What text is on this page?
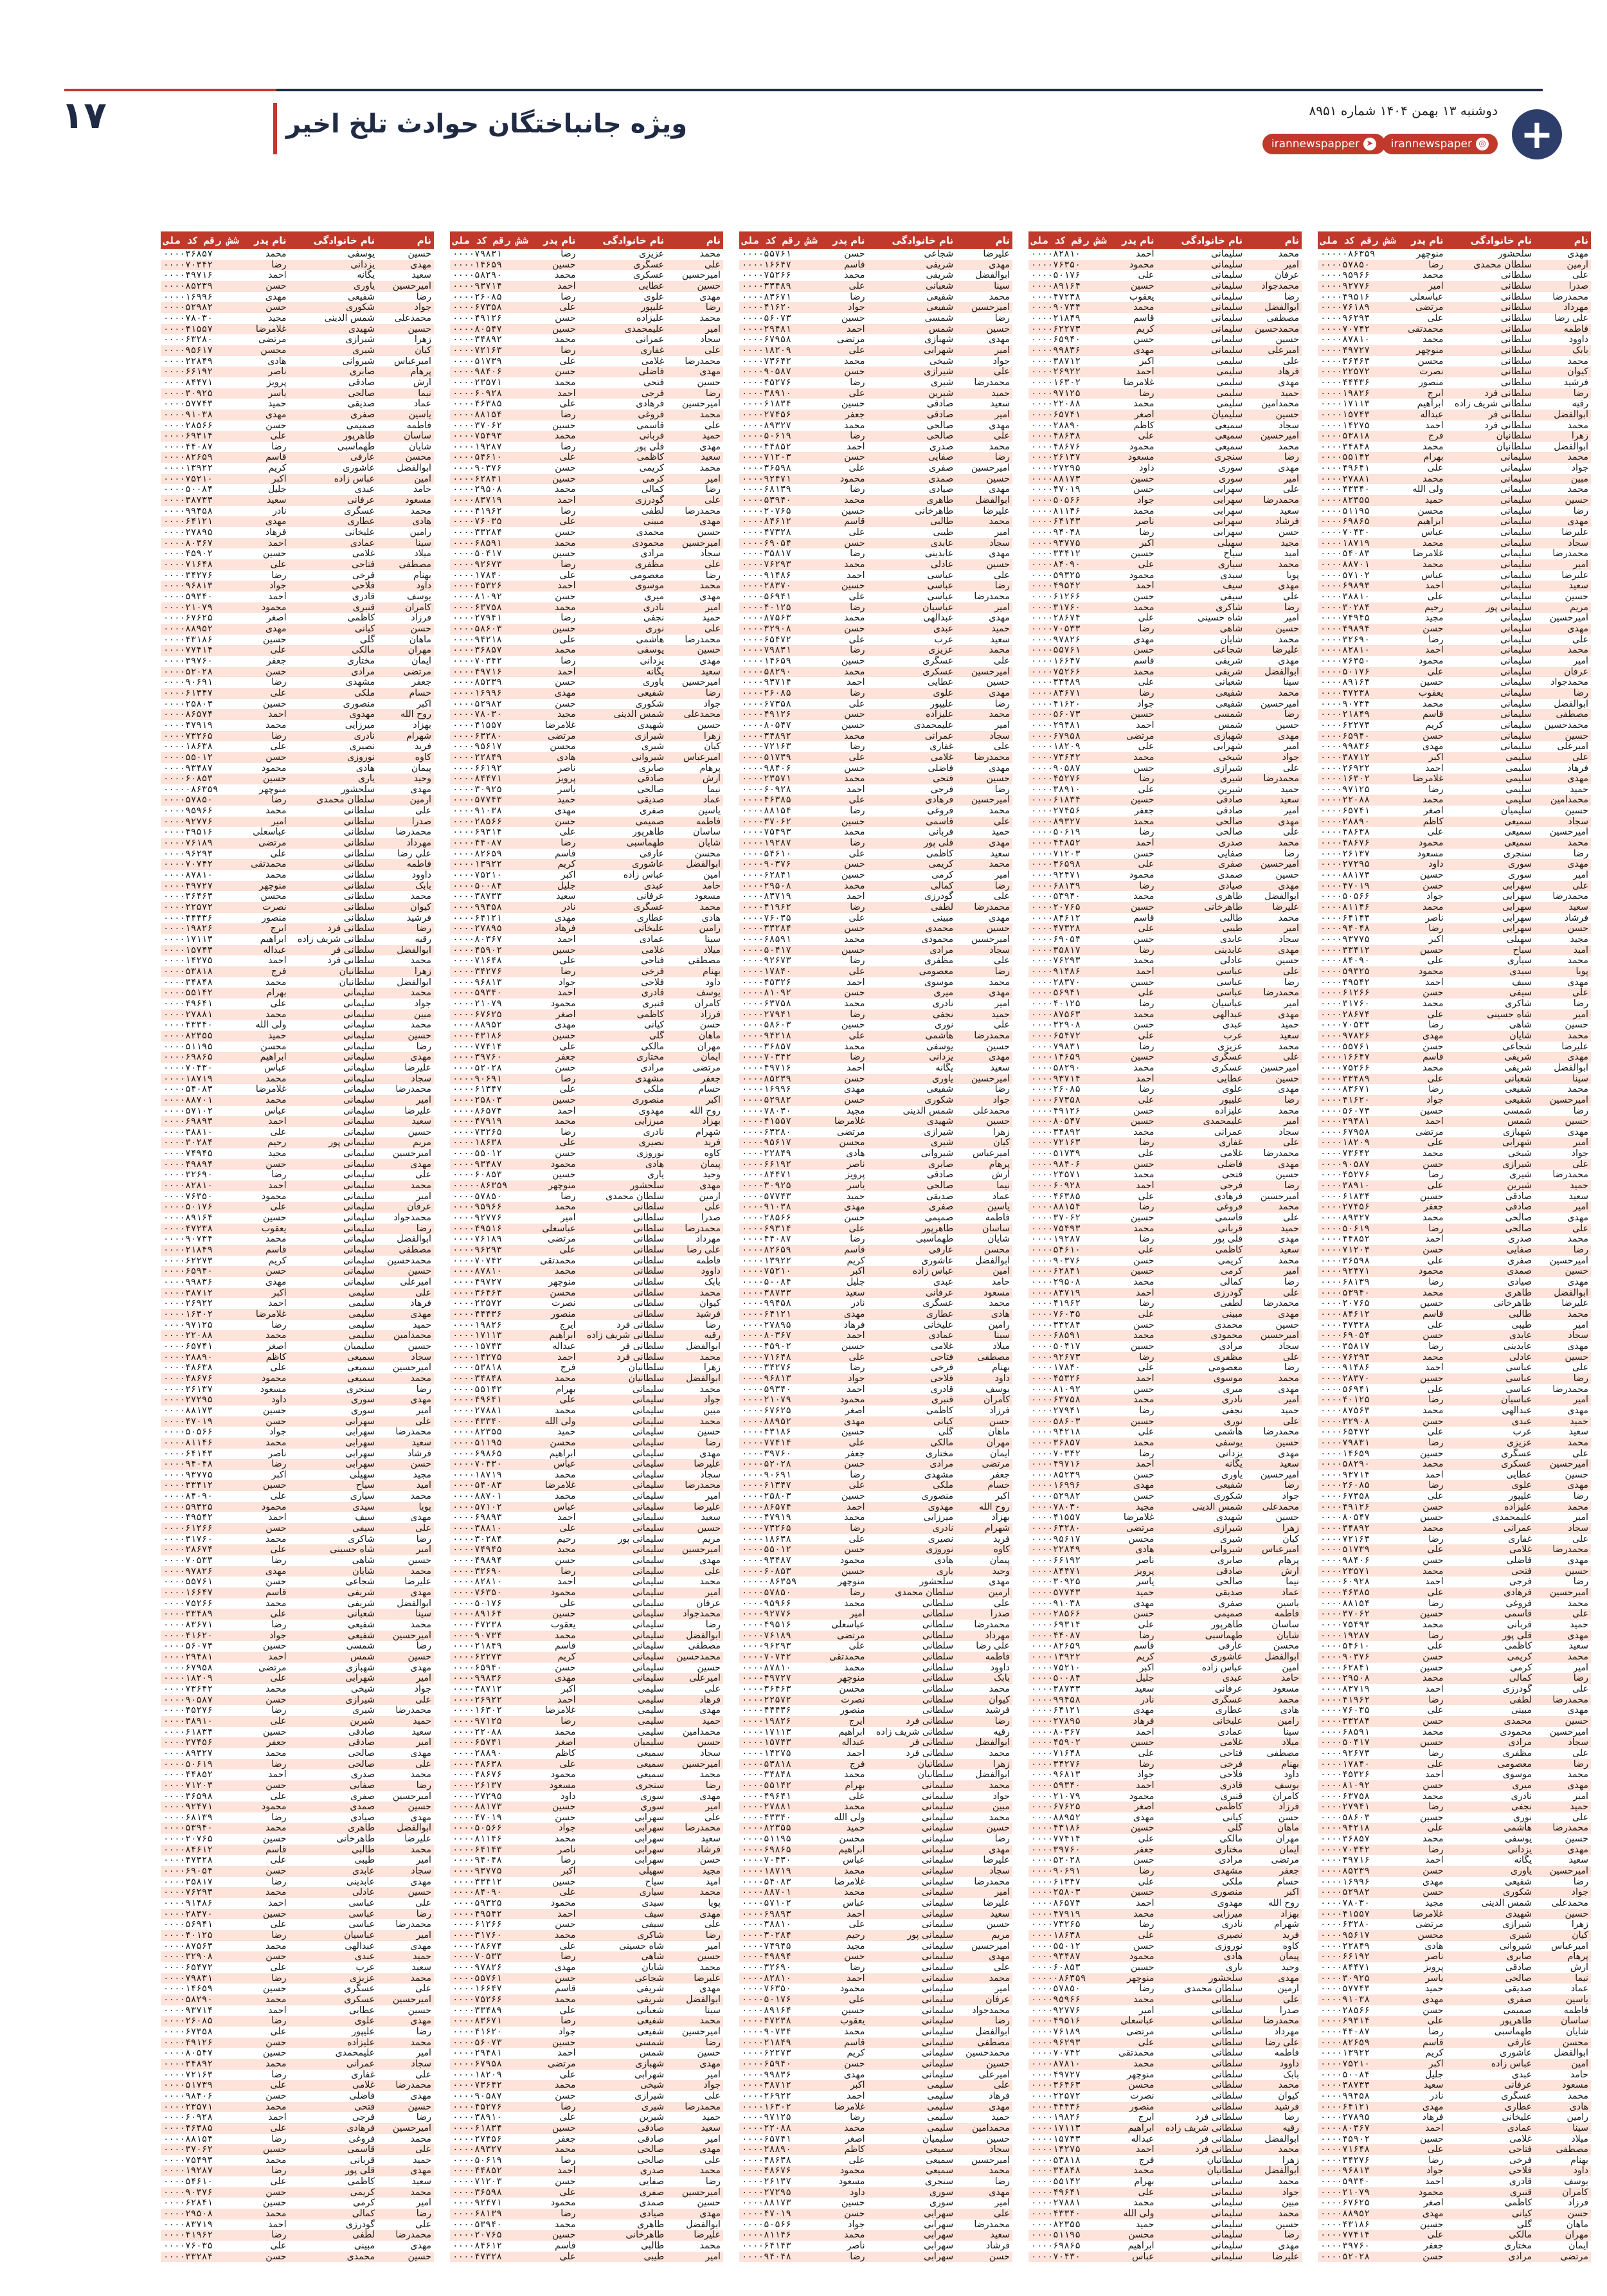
+
دوشنبه ۱۳ بهمن ۱۴۰۴ شماره ۸۹۵۱
◎
irannewspaper
➤
irannewspapper
ویژه جانباختگان حوادث تلخ اخیر
۱۷
نام	نام خانوادگی	نام پدر	شش رقم کد ملی
مهدی	سلحشور	منوچهر	۰۰۰۰۰۸۶۳۵۹
آرمین	سلطان محمدی	رضا	۰۰۰۰۵۷۸۵۰
علی	سلطانی	محمد	۰۰۰۰۹۵۹۶۶
صدرا	سلطانی	امیر	۰۰۰۰۹۲۷۷۶
محمدرضا	سلطانی	عباسعلی	۰۰۰۰۴۹۵۱۶
مهرداد	سلطانی	مرتضی	۰۰۰۰۷۶۱۸۹
علی رضا	سلطانی	علی	۰۰۰۰۹۶۲۹۳
فاطمه	سلطانی	محمدتقی	۰۰۰۰۷۰۷۴۲
داوود	سلطانی	محمد	۰۰۰۰۸۷۸۱۰
بابک	سلطانی	منوچهر	۰۰۰۰۴۹۷۲۷
محمد	سلطانی	محسن	۰۰۰۰۳۶۴۶۳
کیوان	سلطانی	نصرت	۰۰۰۰۲۲۵۷۲
فرشید	سلطانی	منصور	۰۰۰۰۴۴۴۳۶
رضا	سلطانی فرد	ایرج	۰۰۰۰۱۹۸۲۶
رقیه	سلطانی شریف زاده	ابراهیم	۰۰۰۰۱۷۱۱۳
ابوالفضل	سلطانی فر	عبداله	۰۰۰۰۱۵۷۴۳
محمد	سلطانی فرد	احمد	۰۰۰۰۱۴۲۷۵
زهرا	سلطانیان	فرج	۰۰۰۰۵۳۸۱۸
ابوالفضل	سلطانیان	محمد	۰۰۰۰۳۴۸۴۸
محمد	سلیمانی	بهرام	۰۰۰۰۵۵۱۴۲
جواد	سلیمانی	علی	۰۰۰۰۴۹۶۴۱
مبین	سلیمانی	محمد	۰۰۰۰۲۷۸۸۱
محمد	سلیمانی	ولی الله	۰۰۰۰۴۳۳۴۰
حسین	سلیمانی	حمید	۰۰۰۰۸۲۳۵۵
رضا	سلیمانی	محسن	۰۰۰۰۵۱۱۹۵
مهدی	سلیمانی	ابراهیم	۰۰۰۰۶۹۸۶۵
علیرضا	سلیمانی	عباس	۰۰۰۰۷۰۴۳۰
سجاد	سلیمانی	محمد	۰۰۰۰۱۸۷۱۹
محمدرضا	سلیمانی	غلامرضا	۰۰۰۰۵۴۰۸۳
امیر	سلیمانی	محمد	۰۰۰۰۸۸۷۰۱
علیرضا	سلیمانی	عباس	۰۰۰۰۵۷۱۰۲
سعید	سلیمانی	احمد	۰۰۰۰۶۹۸۹۳
حسین	سلیمانی	علی	۰۰۰۰۳۸۸۱۰
مریم	سلیمانی پور	رحیم	۰۰۰۰۳۰۲۸۴
امیرحسین	سلیمانی	مجید	۰۰۰۰۷۴۹۴۵
مهدی	سلیمانی	حسن	۰۰۰۰۴۹۸۹۴
علی	سلیمانی	رضا	۰۰۰۰۳۲۶۹۰
محمد	سلیمانی	احمد	۰۰۰۰۸۲۸۱۰
امیر	سلیمانی	محمود	۰۰۰۰۷۶۳۵۰
عرفان	سلیمانی	علی	۰۰۰۰۵۰۱۷۶
محمدجواد	سلیمانی	حسین	۰۰۰۰۸۹۱۶۴
رضا	سلیمانی	یعقوب	۰۰۰۰۴۷۲۳۸
ابوالفضل	سلیمانی	محمد	۰۰۰۰۹۰۷۳۴
مصطفی	سلیمانی	قاسم	۰۰۰۰۲۱۸۴۹
محمدحسین	سلیمانی	کریم	۰۰۰۰۶۲۲۷۳
حسین	سلیمانی	حسن	۰۰۰۰۶۵۹۴۰
امیرعلی	سلیمانی	مهدی	۰۰۰۰۹۹۸۳۶
علی	سلیمی	اکبر	۰۰۰۰۳۸۷۱۲
فرهاد	سلیمی	احمد	۰۰۰۰۲۶۹۲۲
مهدی	سلیمی	غلامرضا	۰۰۰۰۱۶۳۰۲
حمید	سلیمی	رضا	۰۰۰۰۹۷۱۲۵
محمدامین	سلیمی	محمد	۰۰۰۰۲۲۰۸۸
حسین	سلیمیان	اصغر	۰۰۰۰۶۵۷۴۱
سجاد	سمیعی	کاظم	۰۰۰۰۲۸۸۹۰
امیرحسین	سمیعی	علی	۰۰۰۰۴۸۶۳۸
محمد	سمیعی	محمود	۰۰۰۰۴۸۶۷۶
رضا	سنجری	مسعود	۰۰۰۰۲۶۱۳۷
مهدی	سوری	داود	۰۰۰۰۲۷۲۹۵
امیر	سوری	حسین	۰۰۰۰۸۸۱۷۳
علی	سهرابی	حسن	۰۰۰۰۴۷۰۱۹
محمدرضا	سهرابی	جواد	۰۰۰۰۵۰۵۶۶
سعید	سهرابی	محمد	۰۰۰۰۸۱۱۴۶
فرشاد	سهرابی	ناصر	۰۰۰۰۶۴۱۴۳
حسن	سهرابی	رضا	۰۰۰۰۹۴۰۴۸
مجید	سهیلی	اکبر	۰۰۰۰۹۳۷۷۵
امید	سیاح	حسین	۰۰۰۰۳۳۴۱۲
محمد	سیاری	علی	۰۰۰۰۸۴۰۹۰
پویا	سیدی	محمود	۰۰۰۰۵۹۳۲۵
مهدی	سیف	احمد	۰۰۰۰۴۹۵۴۲
علی	سیفی	حسن	۰۰۰۰۶۱۲۶۶
رضا	شاکری	محمد	۰۰۰۰۳۱۷۶۰
امیر	شاه حسینی	علی	۰۰۰۰۲۸۶۷۴
حسین	شاهی	رضا	۰۰۰۰۷۰۵۳۳
محمد	شایان	مهدی	۰۰۰۰۹۷۸۲۶
علیرضا	شجاعی	حسن	۰۰۰۰۵۵۷۶۱
مهدی	شریفی	قاسم	۰۰۰۰۱۶۶۴۷
ابوالفضل	شریفی	محمد	۰۰۰۰۷۵۲۶۶
سینا	شعبانی	علی	۰۰۰۰۳۳۴۸۹
محمد	شفیعی	رضا	۰۰۰۰۸۳۶۷۱
امیرحسین	شفیعی	جواد	۰۰۰۰۴۱۶۲۰
رضا	شمسی	حسین	۰۰۰۰۵۶۰۷۳
حسین	شمس	احمد	۰۰۰۰۲۹۴۸۱
مهدی	شهبازی	مرتضی	۰۰۰۰۶۷۹۵۸
امیر	شهرابی	علی	۰۰۰۰۱۸۲۰۹
جواد	شیخی	محمد	۰۰۰۰۷۳۶۴۲
علی	شیرازی	حسن	۰۰۰۰۹۰۵۸۷
محمدرضا	شیری	رضا	۰۰۰۰۴۵۲۷۶
حمید	شیرین	علی	۰۰۰۰۳۸۹۱۰
سعید	صادقی	حسین	۰۰۰۰۶۱۸۳۴
امیر	صادقی	جعفر	۰۰۰۰۲۷۴۵۶
مهدی	صالحی	محمد	۰۰۰۰۸۹۳۲۷
علی	صالحی	رضا	۰۰۰۰۵۰۶۱۹
محمد	صدری	احمد	۰۰۰۰۴۴۸۵۲
رضا	صفایی	حسن	۰۰۰۰۷۱۲۰۳
امیرحسین	صفری	علی	۰۰۰۰۳۶۵۹۸
حسین	صمدی	محمود	۰۰۰۰۹۲۴۷۱
مهدی	صیادی	رضا	۰۰۰۰۶۸۱۳۹
ابوالفضل	طاهری	محمد	۰۰۰۰۵۳۹۴۰
علیرضا	طاهرخانی	حسین	۰۰۰۰۲۰۷۶۵
محمد	طالبی	قاسم	۰۰۰۰۸۴۶۱۲
امیر	طیبی	علی	۰۰۰۰۴۷۳۲۸
سجاد	عابدی	حسن	۰۰۰۰۶۹۰۵۴
مهدی	عابدینی	رضا	۰۰۰۰۳۵۸۱۷
حسین	عادلی	محمد	۰۰۰۰۷۶۲۹۳
علی	عباسی	احمد	۰۰۰۰۹۱۴۸۶
رضا	عباسی	حسین	۰۰۰۰۲۸۳۷۰
محمدرضا	عباسی	علی	۰۰۰۰۵۶۹۴۱
امیر	عباسیان	رضا	۰۰۰۰۴۰۱۲۵
مهدی	عبدالهی	محمد	۰۰۰۰۸۷۵۶۳
حمید	عبدی	حسن	۰۰۰۰۳۲۹۰۸
سعید	عرب	علی	۰۰۰۰۶۵۴۷۲
محمد	عزیزی	رضا	۰۰۰۰۷۹۸۳۱
علی	عسگری	حسین	۰۰۰۰۱۴۶۵۹
امیرحسین	عسکری	محمد	۰۰۰۰۵۸۲۹۰
حسین	عطایی	احمد	۰۰۰۰۹۳۷۱۴
مهدی	علوی	رضا	۰۰۰۰۲۶۰۸۵
رضا	علیپور	علی	۰۰۰۰۶۷۳۵۸
محمد	علیزاده	حسن	۰۰۰۰۴۹۱۲۶
امیر	علیمحمدی	حسین	۰۰۰۰۸۰۵۴۷
سجاد	عمرانی	محمد	۰۰۰۰۳۴۸۹۲
علی	غفاری	رضا	۰۰۰۰۷۲۱۶۳
محمدرضا	غلامی	علی	۰۰۰۰۵۱۷۳۹
مهدی	فاضلی	حسن	۰۰۰۰۹۸۴۰۶
حسین	فتحی	محمد	۰۰۰۰۲۳۵۷۱
رضا	فرجی	احمد	۰۰۰۰۶۰۹۲۸
امیرحسین	فرهادی	علی	۰۰۰۰۴۶۳۸۵
محمد	فروغی	رضا	۰۰۰۰۸۸۱۵۴
علی	قاسمی	حسین	۰۰۰۰۳۷۰۶۲
حمید	قربانی	محمد	۰۰۰۰۷۵۴۹۳
مهدی	قلی پور	رضا	۰۰۰۰۱۹۲۸۷
سعید	کاظمی	علی	۰۰۰۰۵۴۶۱۰
محمد	کریمی	حسن	۰۰۰۰۹۰۳۷۶
امیر	کرمی	حسین	۰۰۰۰۶۲۸۴۱
رضا	کمالی	محمد	۰۰۰۰۲۹۵۰۸
علی	گودرزی	احمد	۰۰۰۰۸۳۷۱۹
محمدرضا	لطفی	رضا	۰۰۰۰۴۱۹۶۲
مهدی	مبینی	علی	۰۰۰۰۷۶۰۳۵
حسین	محمدی	حسن	۰۰۰۰۳۳۲۸۴
امیرحسین	محمودی	محمد	۰۰۰۰۶۸۵۹۱
سجاد	مرادی	حسین	۰۰۰۰۵۰۴۱۷
علی	مظفری	رضا	۰۰۰۰۹۲۶۷۳
رضا	معصومی	علی	۰۰۰۰۱۷۸۴۰
محمد	موسوی	احمد	۰۰۰۰۴۵۳۲۶
مهدی	میری	حسن	۰۰۰۰۸۱۰۹۲
امیر	نادری	محمد	۰۰۰۰۶۳۷۵۸
حمید	نجفی	رضا	۰۰۰۰۲۷۹۴۱
علی	نوری	حسین	۰۰۰۰۵۸۶۰۳
محمدرضا	هاشمی	علی	۰۰۰۰۹۴۲۱۸
حسین	یوسفی	محمد	۰۰۰۰۳۶۸۵۷
مهدی	یزدانی	رضا	۰۰۰۰۷۰۳۴۲
سعید	یگانه	احمد	۰۰۰۰۴۹۷۱۶
امیرحسین	یاوری	حسن	۰۰۰۰۸۵۲۳۹
رضا	شفیعی	مهدی	۰۰۰۰۱۶۹۹۶
جواد	شکوری	حسن	۰۰۰۰۵۲۹۸۲
محمدعلی	شمس الدینی	مجید	۰۰۰۰۷۸۰۳۰
حسین	شهیدی	غلامرضا	۰۰۰۰۴۱۵۵۷
زهرا	شیرازی	مرتضی	۰۰۰۰۶۳۲۸۰
کیان	شیری	محسن	۰۰۰۰۹۵۶۱۷
امیرعباس	شیروانی	هادی	۰۰۰۰۲۲۸۴۹
پرهام	صابری	ناصر	۰۰۰۰۶۶۱۹۲
آرش	صادقی	پرویز	۰۰۰۰۸۴۴۷۱
نیما	صالحی	یاسر	۰۰۰۰۳۰۹۲۵
عماد	صدیقی	حمید	۰۰۰۰۵۷۷۴۳
یاسین	صفری	مهدی	۰۰۰۰۹۱۰۳۸
فاطمه	صمیمی	حسن	۰۰۰۰۲۸۵۶۶
ساسان	طاهرپور	علی	۰۰۰۰۶۹۳۱۴
شایان	طهماسبی	رضا	۰۰۰۰۴۴۰۸۷
محسن	عارفی	قاسم	۰۰۰۰۸۲۶۵۹
ابوالفضل	عاشوری	کریم	۰۰۰۰۱۳۹۲۲
امین	عباس زاده	اکبر	۰۰۰۰۷۵۲۱۰
حامد	عبدی	جلیل	۰۰۰۰۵۰۰۸۴
مسعود	عرفانی	سعید	۰۰۰۰۳۸۷۳۳
محمد	عسگری	نادر	۰۰۰۰۹۹۴۵۸
هادی	عطاری	مهدی	۰۰۰۰۶۴۱۲۱
رامین	علیخانی	فرهاد	۰۰۰۰۲۷۸۹۵
سینا	عمادی	احمد	۰۰۰۰۸۰۳۶۷
میلاد	غلامی	حسین	۰۰۰۰۴۵۹۰۲
مصطفی	فتاحی	علی	۰۰۰۰۷۱۶۴۸
بهنام	فرخی	رضا	۰۰۰۰۳۴۲۷۶
داود	فلاحی	جواد	۰۰۰۰۹۶۸۱۳
یوسف	قادری	احمد	۰۰۰۰۵۹۳۴۰
کامران	قنبری	محمود	۰۰۰۰۲۱۰۷۹
فرزاد	کاظمی	اصغر	۰۰۰۰۶۷۶۲۵
حسن	کیانی	مهدی	۰۰۰۰۸۸۹۵۲
ماهان	گلی	حسین	۰۰۰۰۴۳۱۸۶
مهران	مالکی	علی	۰۰۰۰۷۷۴۱۴
ایمان	مختاری	جعفر	۰۰۰۰۳۹۷۶۰
مرتضی	مرادی	حسن	۰۰۰۰۵۲۰۲۸
نام	نام خانوادگی	نام پدر	شش رقم کد ملی
محمد	سلیمانی	احمد	۰۰۰۰۸۲۸۱۰
امیر	سلیمانی	محمود	۰۰۰۰۷۶۳۵۰
عرفان	سلیمانی	علی	۰۰۰۰۵۰۱۷۶
محمدجواد	سلیمانی	حسین	۰۰۰۰۸۹۱۶۴
رضا	سلیمانی	یعقوب	۰۰۰۰۴۷۲۳۸
ابوالفضل	سلیمانی	محمد	۰۰۰۰۹۰۷۳۴
مصطفی	سلیمانی	قاسم	۰۰۰۰۲۱۸۴۹
محمدحسین	سلیمانی	کریم	۰۰۰۰۶۲۲۷۳
حسین	سلیمانی	حسن	۰۰۰۰۶۵۹۴۰
امیرعلی	سلیمانی	مهدی	۰۰۰۰۹۹۸۳۶
علی	سلیمی	اکبر	۰۰۰۰۳۸۷۱۲
فرهاد	سلیمی	احمد	۰۰۰۰۲۶۹۲۲
مهدی	سلیمی	غلامرضا	۰۰۰۰۱۶۳۰۲
حمید	سلیمی	رضا	۰۰۰۰۹۷۱۲۵
محمدامین	سلیمی	محمد	۰۰۰۰۲۲۰۸۸
حسین	سلیمیان	اصغر	۰۰۰۰۶۵۷۴۱
سجاد	سمیعی	کاظم	۰۰۰۰۲۸۸۹۰
امیرحسین	سمیعی	علی	۰۰۰۰۴۸۶۳۸
محمد	سمیعی	محمود	۰۰۰۰۴۸۶۷۶
رضا	سنجری	مسعود	۰۰۰۰۲۶۱۳۷
مهدی	سوری	داود	۰۰۰۰۲۷۲۹۵
امیر	سوری	حسین	۰۰۰۰۸۸۱۷۳
علی	سهرابی	حسن	۰۰۰۰۴۷۰۱۹
محمدرضا	سهرابی	جواد	۰۰۰۰۵۰۵۶۶
سعید	سهرابی	محمد	۰۰۰۰۸۱۱۴۶
فرشاد	سهرابی	ناصر	۰۰۰۰۶۴۱۴۳
حسن	سهرابی	رضا	۰۰۰۰۹۴۰۴۸
مجید	سهیلی	اکبر	۰۰۰۰۹۳۷۷۵
امید	سیاح	حسین	۰۰۰۰۳۳۴۱۲
محمد	سیاری	علی	۰۰۰۰۸۴۰۹۰
پویا	سیدی	محمود	۰۰۰۰۵۹۳۲۵
مهدی	سیف	احمد	۰۰۰۰۴۹۵۴۲
علی	سیفی	حسن	۰۰۰۰۶۱۲۶۶
رضا	شاکری	محمد	۰۰۰۰۳۱۷۶۰
امیر	شاه حسینی	علی	۰۰۰۰۲۸۶۷۴
حسین	شاهی	رضا	۰۰۰۰۷۰۵۳۳
محمد	شایان	مهدی	۰۰۰۰۹۷۸۲۶
علیرضا	شجاعی	حسن	۰۰۰۰۵۵۷۶۱
مهدی	شریفی	قاسم	۰۰۰۰۱۶۶۴۷
ابوالفضل	شریفی	محمد	۰۰۰۰۷۵۲۶۶
سینا	شعبانی	علی	۰۰۰۰۳۳۴۸۹
محمد	شفیعی	رضا	۰۰۰۰۸۳۶۷۱
امیرحسین	شفیعی	جواد	۰۰۰۰۴۱۶۲۰
رضا	شمسی	حسین	۰۰۰۰۵۶۰۷۳
حسین	شمس	احمد	۰۰۰۰۲۹۴۸۱
مهدی	شهبازی	مرتضی	۰۰۰۰۶۷۹۵۸
امیر	شهرابی	علی	۰۰۰۰۱۸۲۰۹
جواد	شیخی	محمد	۰۰۰۰۷۳۶۴۲
علی	شیرازی	حسن	۰۰۰۰۹۰۵۸۷
محمدرضا	شیری	رضا	۰۰۰۰۴۵۲۷۶
حمید	شیرین	علی	۰۰۰۰۳۸۹۱۰
سعید	صادقی	حسین	۰۰۰۰۶۱۸۳۴
امیر	صادقی	جعفر	۰۰۰۰۲۷۴۵۶
مهدی	صالحی	محمد	۰۰۰۰۸۹۳۲۷
علی	صالحی	رضا	۰۰۰۰۵۰۶۱۹
محمد	صدری	احمد	۰۰۰۰۴۴۸۵۲
رضا	صفایی	حسن	۰۰۰۰۷۱۲۰۳
امیرحسین	صفری	علی	۰۰۰۰۳۶۵۹۸
حسین	صمدی	محمود	۰۰۰۰۹۲۴۷۱
مهدی	صیادی	رضا	۰۰۰۰۶۸۱۳۹
ابوالفضل	طاهری	محمد	۰۰۰۰۵۳۹۴۰
علیرضا	طاهرخانی	حسین	۰۰۰۰۲۰۷۶۵
محمد	طالبی	قاسم	۰۰۰۰۸۴۶۱۲
امیر	طیبی	علی	۰۰۰۰۴۷۳۲۸
سجاد	عابدی	حسن	۰۰۰۰۶۹۰۵۴
مهدی	عابدینی	رضا	۰۰۰۰۳۵۸۱۷
حسین	عادلی	محمد	۰۰۰۰۷۶۲۹۳
علی	عباسی	احمد	۰۰۰۰۹۱۴۸۶
رضا	عباسی	حسین	۰۰۰۰۲۸۳۷۰
محمدرضا	عباسی	علی	۰۰۰۰۵۶۹۴۱
امیر	عباسیان	رضا	۰۰۰۰۴۰۱۲۵
مهدی	عبدالهی	محمد	۰۰۰۰۸۷۵۶۳
حمید	عبدی	حسن	۰۰۰۰۳۲۹۰۸
سعید	عرب	علی	۰۰۰۰۶۵۴۷۲
محمد	عزیزی	رضا	۰۰۰۰۷۹۸۳۱
علی	عسگری	حسین	۰۰۰۰۱۴۶۵۹
امیرحسین	عسکری	محمد	۰۰۰۰۵۸۲۹۰
حسین	عطایی	احمد	۰۰۰۰۹۳۷۱۴
مهدی	علوی	رضا	۰۰۰۰۲۶۰۸۵
رضا	علیپور	علی	۰۰۰۰۶۷۳۵۸
محمد	علیزاده	حسن	۰۰۰۰۴۹۱۲۶
امیر	علیمحمدی	حسین	۰۰۰۰۸۰۵۴۷
سجاد	عمرانی	محمد	۰۰۰۰۳۴۸۹۲
علی	غفاری	رضا	۰۰۰۰۷۲۱۶۳
محمدرضا	غلامی	علی	۰۰۰۰۵۱۷۳۹
مهدی	فاضلی	حسن	۰۰۰۰۹۸۴۰۶
حسین	فتحی	محمد	۰۰۰۰۲۳۵۷۱
رضا	فرجی	احمد	۰۰۰۰۶۰۹۲۸
امیرحسین	فرهادی	علی	۰۰۰۰۴۶۳۸۵
محمد	فروغی	رضا	۰۰۰۰۸۸۱۵۴
علی	قاسمی	حسین	۰۰۰۰۳۷۰۶۲
حمید	قربانی	محمد	۰۰۰۰۷۵۴۹۳
مهدی	قلی پور	رضا	۰۰۰۰۱۹۲۸۷
سعید	کاظمی	علی	۰۰۰۰۵۴۶۱۰
محمد	کریمی	حسن	۰۰۰۰۹۰۳۷۶
امیر	کرمی	حسین	۰۰۰۰۶۲۸۴۱
رضا	کمالی	محمد	۰۰۰۰۲۹۵۰۸
علی	گودرزی	احمد	۰۰۰۰۸۳۷۱۹
محمدرضا	لطفی	رضا	۰۰۰۰۴۱۹۶۲
مهدی	مبینی	علی	۰۰۰۰۷۶۰۳۵
حسین	محمدی	حسن	۰۰۰۰۳۳۲۸۴
امیرحسین	محمودی	محمد	۰۰۰۰۶۸۵۹۱
سجاد	مرادی	حسین	۰۰۰۰۵۰۴۱۷
علی	مظفری	رضا	۰۰۰۰۹۲۶۷۳
رضا	معصومی	علی	۰۰۰۰۱۷۸۴۰
محمد	موسوی	احمد	۰۰۰۰۴۵۳۲۶
مهدی	میری	حسن	۰۰۰۰۸۱۰۹۲
امیر	نادری	محمد	۰۰۰۰۶۳۷۵۸
حمید	نجفی	رضا	۰۰۰۰۲۷۹۴۱
علی	نوری	حسین	۰۰۰۰۵۸۶۰۳
محمدرضا	هاشمی	علی	۰۰۰۰۹۴۲۱۸
حسین	یوسفی	محمد	۰۰۰۰۳۶۸۵۷
مهدی	یزدانی	رضا	۰۰۰۰۷۰۳۴۲
سعید	یگانه	احمد	۰۰۰۰۴۹۷۱۶
امیرحسین	یاوری	حسن	۰۰۰۰۸۵۲۳۹
رضا	شفیعی	مهدی	۰۰۰۰۱۶۹۹۶
جواد	شکوری	حسن	۰۰۰۰۵۲۹۸۲
محمدعلی	شمس الدینی	مجید	۰۰۰۰۷۸۰۳۰
حسین	شهیدی	غلامرضا	۰۰۰۰۴۱۵۵۷
زهرا	شیرازی	مرتضی	۰۰۰۰۶۳۲۸۰
کیان	شیری	محسن	۰۰۰۰۹۵۶۱۷
امیرعباس	شیروانی	هادی	۰۰۰۰۲۲۸۴۹
پرهام	صابری	ناصر	۰۰۰۰۶۶۱۹۲
آرش	صادقی	پرویز	۰۰۰۰۸۴۴۷۱
نیما	صالحی	یاسر	۰۰۰۰۳۰۹۲۵
عماد	صدیقی	حمید	۰۰۰۰۵۷۷۴۳
یاسین	صفری	مهدی	۰۰۰۰۹۱۰۳۸
فاطمه	صمیمی	حسن	۰۰۰۰۲۸۵۶۶
ساسان	طاهرپور	علی	۰۰۰۰۶۹۳۱۴
شایان	طهماسبی	رضا	۰۰۰۰۴۴۰۸۷
محسن	عارفی	قاسم	۰۰۰۰۸۲۶۵۹
ابوالفضل	عاشوری	کریم	۰۰۰۰۱۳۹۲۲
امین	عباس زاده	اکبر	۰۰۰۰۷۵۲۱۰
حامد	عبدی	جلیل	۰۰۰۰۵۰۰۸۴
مسعود	عرفانی	سعید	۰۰۰۰۳۸۷۳۳
محمد	عسگری	نادر	۰۰۰۰۹۹۴۵۸
هادی	عطاری	مهدی	۰۰۰۰۶۴۱۲۱
رامین	علیخانی	فرهاد	۰۰۰۰۲۷۸۹۵
سینا	عمادی	احمد	۰۰۰۰۸۰۳۶۷
میلاد	غلامی	حسین	۰۰۰۰۴۵۹۰۲
مصطفی	فتاحی	علی	۰۰۰۰۷۱۶۴۸
بهنام	فرخی	رضا	۰۰۰۰۳۴۲۷۶
داود	فلاحی	جواد	۰۰۰۰۹۶۸۱۳
یوسف	قادری	احمد	۰۰۰۰۵۹۳۴۰
کامران	قنبری	محمود	۰۰۰۰۲۱۰۷۹
فرزاد	کاظمی	اصغر	۰۰۰۰۶۷۶۲۵
حسن	کیانی	مهدی	۰۰۰۰۸۸۹۵۲
ماهان	گلی	حسین	۰۰۰۰۴۳۱۸۶
مهران	مالکی	علی	۰۰۰۰۷۷۴۱۴
ایمان	مختاری	جعفر	۰۰۰۰۳۹۷۶۰
مرتضی	مرادی	حسن	۰۰۰۰۵۲۰۲۸
جعفر	مشهدی	رضا	۰۰۰۰۹۰۶۹۱
حسام	ملکی	علی	۰۰۰۰۶۱۳۴۷
اکبر	منصوری	حسین	۰۰۰۰۲۵۸۰۳
روح الله	مهدوی	احمد	۰۰۰۰۸۶۵۷۴
بهزاد	میرزایی	محمد	۰۰۰۰۴۷۹۱۹
شهرام	نادری	رضا	۰۰۰۰۷۳۲۶۵
فرید	نصیری	علی	۰۰۰۰۱۸۶۳۸
کاوه	نوروزی	حسن	۰۰۰۰۵۵۰۱۲
پیمان	هادی	محمود	۰۰۰۰۹۳۴۸۷
وحید	یاری	حسین	۰۰۰۰۶۰۸۵۳
مهدی	سلحشور	منوچهر	۰۰۰۰۰۸۶۳۵۹
آرمین	سلطان محمدی	رضا	۰۰۰۰۵۷۸۵۰
علی	سلطانی	محمد	۰۰۰۰۹۵۹۶۶
صدرا	سلطانی	امیر	۰۰۰۰۹۲۷۷۶
محمدرضا	سلطانی	عباسعلی	۰۰۰۰۴۹۵۱۶
مهرداد	سلطانی	مرتضی	۰۰۰۰۷۶۱۸۹
علی رضا	سلطانی	علی	۰۰۰۰۹۶۲۹۳
فاطمه	سلطانی	محمدتقی	۰۰۰۰۷۰۷۴۲
داوود	سلطانی	محمد	۰۰۰۰۸۷۸۱۰
بابک	سلطانی	منوچهر	۰۰۰۰۴۹۷۲۷
محمد	سلطانی	محسن	۰۰۰۰۳۶۴۶۳
کیوان	سلطانی	نصرت	۰۰۰۰۲۲۵۷۲
فرشید	سلطانی	منصور	۰۰۰۰۴۴۴۳۶
رضا	سلطانی فرد	ایرج	۰۰۰۰۱۹۸۲۶
رقیه	سلطانی شریف زاده	ابراهیم	۰۰۰۰۱۷۱۱۳
ابوالفضل	سلطانی فر	عبداله	۰۰۰۰۱۵۷۴۳
محمد	سلطانی فرد	احمد	۰۰۰۰۱۴۲۷۵
زهرا	سلطانیان	فرج	۰۰۰۰۵۳۸۱۸
ابوالفضل	سلطانیان	محمد	۰۰۰۰۳۴۸۴۸
محمد	سلیمانی	بهرام	۰۰۰۰۵۵۱۴۲
جواد	سلیمانی	علی	۰۰۰۰۴۹۶۴۱
مبین	سلیمانی	محمد	۰۰۰۰۲۷۸۸۱
محمد	سلیمانی	ولی الله	۰۰۰۰۴۳۳۴۰
حسین	سلیمانی	حمید	۰۰۰۰۸۲۳۵۵
رضا	سلیمانی	محسن	۰۰۰۰۵۱۱۹۵
مهدی	سلیمانی	ابراهیم	۰۰۰۰۶۹۸۶۵
علیرضا	سلیمانی	عباس	۰۰۰۰۷۰۴۳۰
نام	نام خانوادگی	نام پدر	شش رقم کد ملی
علیرضا	شجاعی	حسن	۰۰۰۰۵۵۷۶۱
مهدی	شریفی	قاسم	۰۰۰۰۱۶۶۴۷
ابوالفضل	شریفی	محمد	۰۰۰۰۷۵۲۶۶
سینا	شعبانی	علی	۰۰۰۰۳۳۴۸۹
محمد	شفیعی	رضا	۰۰۰۰۸۳۶۷۱
امیرحسین	شفیعی	جواد	۰۰۰۰۴۱۶۲۰
رضا	شمسی	حسین	۰۰۰۰۵۶۰۷۳
حسین	شمس	احمد	۰۰۰۰۲۹۴۸۱
مهدی	شهبازی	مرتضی	۰۰۰۰۶۷۹۵۸
امیر	شهرابی	علی	۰۰۰۰۱۸۲۰۹
جواد	شیخی	محمد	۰۰۰۰۷۳۶۴۲
علی	شیرازی	حسن	۰۰۰۰۹۰۵۸۷
محمدرضا	شیری	رضا	۰۰۰۰۴۵۲۷۶
حمید	شیرین	علی	۰۰۰۰۳۸۹۱۰
سعید	صادقی	حسین	۰۰۰۰۶۱۸۳۴
امیر	صادقی	جعفر	۰۰۰۰۲۷۴۵۶
مهدی	صالحی	محمد	۰۰۰۰۸۹۳۲۷
علی	صالحی	رضا	۰۰۰۰۵۰۶۱۹
محمد	صدری	احمد	۰۰۰۰۴۴۸۵۲
رضا	صفایی	حسن	۰۰۰۰۷۱۲۰۳
امیرحسین	صفری	علی	۰۰۰۰۳۶۵۹۸
حسین	صمدی	محمود	۰۰۰۰۹۲۴۷۱
مهدی	صیادی	رضا	۰۰۰۰۶۸۱۳۹
ابوالفضل	طاهری	محمد	۰۰۰۰۵۳۹۴۰
علیرضا	طاهرخانی	حسین	۰۰۰۰۲۰۷۶۵
محمد	طالبی	قاسم	۰۰۰۰۸۴۶۱۲
امیر	طیبی	علی	۰۰۰۰۴۷۳۲۸
سجاد	عابدی	حسن	۰۰۰۰۶۹۰۵۴
مهدی	عابدینی	رضا	۰۰۰۰۳۵۸۱۷
حسین	عادلی	محمد	۰۰۰۰۷۶۲۹۳
علی	عباسی	احمد	۰۰۰۰۹۱۴۸۶
رضا	عباسی	حسین	۰۰۰۰۲۸۳۷۰
محمدرضا	عباسی	علی	۰۰۰۰۵۶۹۴۱
امیر	عباسیان	رضا	۰۰۰۰۴۰۱۲۵
مهدی	عبدالهی	محمد	۰۰۰۰۸۷۵۶۳
حمید	عبدی	حسن	۰۰۰۰۳۲۹۰۸
سعید	عرب	علی	۰۰۰۰۶۵۴۷۲
محمد	عزیزی	رضا	۰۰۰۰۷۹۸۳۱
علی	عسگری	حسین	۰۰۰۰۱۴۶۵۹
امیرحسین	عسکری	محمد	۰۰۰۰۵۸۲۹۰
حسین	عطایی	احمد	۰۰۰۰۹۳۷۱۴
مهدی	علوی	رضا	۰۰۰۰۲۶۰۸۵
رضا	علیپور	علی	۰۰۰۰۶۷۳۵۸
محمد	علیزاده	حسن	۰۰۰۰۴۹۱۲۶
امیر	علیمحمدی	حسین	۰۰۰۰۸۰۵۴۷
سجاد	عمرانی	محمد	۰۰۰۰۳۴۸۹۲
علی	غفاری	رضا	۰۰۰۰۷۲۱۶۳
محمدرضا	غلامی	علی	۰۰۰۰۵۱۷۳۹
مهدی	فاضلی	حسن	۰۰۰۰۹۸۴۰۶
حسین	فتحی	محمد	۰۰۰۰۲۳۵۷۱
رضا	فرجی	احمد	۰۰۰۰۶۰۹۲۸
امیرحسین	فرهادی	علی	۰۰۰۰۴۶۳۸۵
محمد	فروغی	رضا	۰۰۰۰۸۸۱۵۴
علی	قاسمی	حسین	۰۰۰۰۳۷۰۶۲
حمید	قربانی	محمد	۰۰۰۰۷۵۴۹۳
مهدی	قلی پور	رضا	۰۰۰۰۱۹۲۸۷
سعید	کاظمی	علی	۰۰۰۰۵۴۶۱۰
محمد	کریمی	حسن	۰۰۰۰۹۰۳۷۶
امیر	کرمی	حسین	۰۰۰۰۶۲۸۴۱
رضا	کمالی	محمد	۰۰۰۰۲۹۵۰۸
علی	گودرزی	احمد	۰۰۰۰۸۳۷۱۹
محمدرضا	لطفی	رضا	۰۰۰۰۴۱۹۶۲
مهدی	مبینی	علی	۰۰۰۰۷۶۰۳۵
حسین	محمدی	حسن	۰۰۰۰۳۳۲۸۴
امیرحسین	محمودی	محمد	۰۰۰۰۶۸۵۹۱
سجاد	مرادی	حسین	۰۰۰۰۵۰۴۱۷
علی	مظفری	رضا	۰۰۰۰۹۲۶۷۳
رضا	معصومی	علی	۰۰۰۰۱۷۸۴۰
محمد	موسوی	احمد	۰۰۰۰۴۵۳۲۶
مهدی	میری	حسن	۰۰۰۰۸۱۰۹۲
امیر	نادری	محمد	۰۰۰۰۶۳۷۵۸
حمید	نجفی	رضا	۰۰۰۰۲۷۹۴۱
علی	نوری	حسین	۰۰۰۰۵۸۶۰۳
محمدرضا	هاشمی	علی	۰۰۰۰۹۴۲۱۸
حسین	یوسفی	محمد	۰۰۰۰۳۶۸۵۷
مهدی	یزدانی	رضا	۰۰۰۰۷۰۳۴۲
سعید	یگانه	احمد	۰۰۰۰۴۹۷۱۶
امیرحسین	یاوری	حسن	۰۰۰۰۸۵۲۳۹
رضا	شفیعی	مهدی	۰۰۰۰۱۶۹۹۶
جواد	شکوری	حسن	۰۰۰۰۵۲۹۸۲
محمدعلی	شمس الدینی	مجید	۰۰۰۰۷۸۰۳۰
حسین	شهیدی	غلامرضا	۰۰۰۰۴۱۵۵۷
زهرا	شیرازی	مرتضی	۰۰۰۰۶۳۲۸۰
کیان	شیری	محسن	۰۰۰۰۹۵۶۱۷
امیرعباس	شیروانی	هادی	۰۰۰۰۲۲۸۴۹
پرهام	صابری	ناصر	۰۰۰۰۶۶۱۹۲
آرش	صادقی	پرویز	۰۰۰۰۸۴۴۷۱
نیما	صالحی	یاسر	۰۰۰۰۳۰۹۲۵
عماد	صدیقی	حمید	۰۰۰۰۵۷۷۴۳
یاسین	صفری	مهدی	۰۰۰۰۹۱۰۳۸
فاطمه	صمیمی	حسن	۰۰۰۰۲۸۵۶۶
ساسان	طاهرپور	علی	۰۰۰۰۶۹۳۱۴
شایان	طهماسبی	رضا	۰۰۰۰۴۴۰۸۷
محسن	عارفی	قاسم	۰۰۰۰۸۲۶۵۹
ابوالفضل	عاشوری	کریم	۰۰۰۰۱۳۹۲۲
امین	عباس زاده	اکبر	۰۰۰۰۷۵۲۱۰
حامد	عبدی	جلیل	۰۰۰۰۵۰۰۸۴
مسعود	عرفانی	سعید	۰۰۰۰۳۸۷۳۳
محمد	عسگری	نادر	۰۰۰۰۹۹۴۵۸
هادی	عطاری	مهدی	۰۰۰۰۶۴۱۲۱
رامین	علیخانی	فرهاد	۰۰۰۰۲۷۸۹۵
سینا	عمادی	احمد	۰۰۰۰۸۰۳۶۷
میلاد	غلامی	حسین	۰۰۰۰۴۵۹۰۲
مصطفی	فتاحی	علی	۰۰۰۰۷۱۶۴۸
بهنام	فرخی	رضا	۰۰۰۰۳۴۲۷۶
داود	فلاحی	جواد	۰۰۰۰۹۶۸۱۳
یوسف	قادری	احمد	۰۰۰۰۵۹۳۴۰
کامران	قنبری	محمود	۰۰۰۰۲۱۰۷۹
فرزاد	کاظمی	اصغر	۰۰۰۰۶۷۶۲۵
حسن	کیانی	مهدی	۰۰۰۰۸۸۹۵۲
ماهان	گلی	حسین	۰۰۰۰۴۳۱۸۶
مهران	مالکی	علی	۰۰۰۰۷۷۴۱۴
ایمان	مختاری	جعفر	۰۰۰۰۳۹۷۶۰
مرتضی	مرادی	حسن	۰۰۰۰۵۲۰۲۸
جعفر	مشهدی	رضا	۰۰۰۰۹۰۶۹۱
حسام	ملکی	علی	۰۰۰۰۶۱۳۴۷
اکبر	منصوری	حسین	۰۰۰۰۲۵۸۰۳
روح الله	مهدوی	احمد	۰۰۰۰۸۶۵۷۴
بهزاد	میرزایی	محمد	۰۰۰۰۴۷۹۱۹
شهرام	نادری	رضا	۰۰۰۰۷۳۲۶۵
فرید	نصیری	علی	۰۰۰۰۱۸۶۳۸
کاوه	نوروزی	حسن	۰۰۰۰۵۵۰۱۲
پیمان	هادی	محمود	۰۰۰۰۹۳۴۸۷
وحید	یاری	حسین	۰۰۰۰۶۰۸۵۳
مهدی	سلحشور	منوچهر	۰۰۰۰۰۸۶۳۵۹
آرمین	سلطان محمدی	رضا	۰۰۰۰۵۷۸۵۰
علی	سلطانی	محمد	۰۰۰۰۹۵۹۶۶
صدرا	سلطانی	امیر	۰۰۰۰۹۲۷۷۶
محمدرضا	سلطانی	عباسعلی	۰۰۰۰۴۹۵۱۶
مهرداد	سلطانی	مرتضی	۰۰۰۰۷۶۱۸۹
علی رضا	سلطانی	علی	۰۰۰۰۹۶۲۹۳
فاطمه	سلطانی	محمدتقی	۰۰۰۰۷۰۷۴۲
داوود	سلطانی	محمد	۰۰۰۰۸۷۸۱۰
بابک	سلطانی	منوچهر	۰۰۰۰۴۹۷۲۷
محمد	سلطانی	محسن	۰۰۰۰۳۶۴۶۳
کیوان	سلطانی	نصرت	۰۰۰۰۲۲۵۷۲
فرشید	سلطانی	منصور	۰۰۰۰۴۴۴۳۶
رضا	سلطانی فرد	ایرج	۰۰۰۰۱۹۸۲۶
رقیه	سلطانی شریف زاده	ابراهیم	۰۰۰۰۱۷۱۱۳
ابوالفضل	سلطانی فر	عبداله	۰۰۰۰۱۵۷۴۳
محمد	سلطانی فرد	احمد	۰۰۰۰۱۴۲۷۵
زهرا	سلطانیان	فرج	۰۰۰۰۵۳۸۱۸
ابوالفضل	سلطانیان	محمد	۰۰۰۰۳۴۸۴۸
محمد	سلیمانی	بهرام	۰۰۰۰۵۵۱۴۲
جواد	سلیمانی	علی	۰۰۰۰۴۹۶۴۱
مبین	سلیمانی	محمد	۰۰۰۰۲۷۸۸۱
محمد	سلیمانی	ولی الله	۰۰۰۰۴۳۳۴۰
حسین	سلیمانی	حمید	۰۰۰۰۸۲۳۵۵
رضا	سلیمانی	محسن	۰۰۰۰۵۱۱۹۵
مهدی	سلیمانی	ابراهیم	۰۰۰۰۶۹۸۶۵
علیرضا	سلیمانی	عباس	۰۰۰۰۷۰۴۳۰
سجاد	سلیمانی	محمد	۰۰۰۰۱۸۷۱۹
محمدرضا	سلیمانی	غلامرضا	۰۰۰۰۵۴۰۸۳
امیر	سلیمانی	محمد	۰۰۰۰۸۸۷۰۱
علیرضا	سلیمانی	عباس	۰۰۰۰۵۷۱۰۲
سعید	سلیمانی	احمد	۰۰۰۰۶۹۸۹۳
حسین	سلیمانی	علی	۰۰۰۰۳۸۸۱۰
مریم	سلیمانی پور	رحیم	۰۰۰۰۳۰۲۸۴
امیرحسین	سلیمانی	مجید	۰۰۰۰۷۴۹۴۵
مهدی	سلیمانی	حسن	۰۰۰۰۴۹۸۹۴
علی	سلیمانی	رضا	۰۰۰۰۳۲۶۹۰
محمد	سلیمانی	احمد	۰۰۰۰۸۲۸۱۰
امیر	سلیمانی	محمود	۰۰۰۰۷۶۳۵۰
عرفان	سلیمانی	علی	۰۰۰۰۵۰۱۷۶
محمدجواد	سلیمانی	حسین	۰۰۰۰۸۹۱۶۴
رضا	سلیمانی	یعقوب	۰۰۰۰۴۷۲۳۸
ابوالفضل	سلیمانی	محمد	۰۰۰۰۹۰۷۳۴
مصطفی	سلیمانی	قاسم	۰۰۰۰۲۱۸۴۹
محمدحسین	سلیمانی	کریم	۰۰۰۰۶۲۲۷۳
حسین	سلیمانی	حسن	۰۰۰۰۶۵۹۴۰
امیرعلی	سلیمانی	مهدی	۰۰۰۰۹۹۸۳۶
علی	سلیمی	اکبر	۰۰۰۰۳۸۷۱۲
فرهاد	سلیمی	احمد	۰۰۰۰۲۶۹۲۲
مهدی	سلیمی	غلامرضا	۰۰۰۰۱۶۳۰۲
حمید	سلیمی	رضا	۰۰۰۰۹۷۱۲۵
محمدامین	سلیمی	محمد	۰۰۰۰۲۲۰۸۸
حسین	سلیمیان	اصغر	۰۰۰۰۶۵۷۴۱
سجاد	سمیعی	کاظم	۰۰۰۰۲۸۸۹۰
امیرحسین	سمیعی	علی	۰۰۰۰۴۸۶۳۸
محمد	سمیعی	محمود	۰۰۰۰۴۸۶۷۶
رضا	سنجری	مسعود	۰۰۰۰۲۶۱۳۷
مهدی	سوری	داود	۰۰۰۰۲۷۲۹۵
امیر	سوری	حسین	۰۰۰۰۸۸۱۷۳
علی	سهرابی	حسن	۰۰۰۰۴۷۰۱۹
محمدرضا	سهرابی	جواد	۰۰۰۰۵۰۵۶۶
سعید	سهرابی	محمد	۰۰۰۰۸۱۱۴۶
فرشاد	سهرابی	ناصر	۰۰۰۰۶۴۱۴۳
حسن	سهرابی	رضا	۰۰۰۰۹۴۰۴۸
نام	نام خانوادگی	نام پدر	شش رقم کد ملی
محمد	عزیزی	رضا	۰۰۰۰۷۹۸۳۱
علی	عسگری	حسین	۰۰۰۰۱۴۶۵۹
امیرحسین	عسکری	محمد	۰۰۰۰۵۸۲۹۰
حسین	عطایی	احمد	۰۰۰۰۹۳۷۱۴
مهدی	علوی	رضا	۰۰۰۰۲۶۰۸۵
رضا	علیپور	علی	۰۰۰۰۶۷۳۵۸
محمد	علیزاده	حسن	۰۰۰۰۴۹۱۲۶
امیر	علیمحمدی	حسین	۰۰۰۰۸۰۵۴۷
سجاد	عمرانی	محمد	۰۰۰۰۳۴۸۹۲
علی	غفاری	رضا	۰۰۰۰۷۲۱۶۳
محمدرضا	غلامی	علی	۰۰۰۰۵۱۷۳۹
مهدی	فاضلی	حسن	۰۰۰۰۹۸۴۰۶
حسین	فتحی	محمد	۰۰۰۰۲۳۵۷۱
رضا	فرجی	احمد	۰۰۰۰۶۰۹۲۸
امیرحسین	فرهادی	علی	۰۰۰۰۴۶۳۸۵
محمد	فروغی	رضا	۰۰۰۰۸۸۱۵۴
علی	قاسمی	حسین	۰۰۰۰۳۷۰۶۲
حمید	قربانی	محمد	۰۰۰۰۷۵۴۹۳
مهدی	قلی پور	رضا	۰۰۰۰۱۹۲۸۷
سعید	کاظمی	علی	۰۰۰۰۵۴۶۱۰
محمد	کریمی	حسن	۰۰۰۰۹۰۳۷۶
امیر	کرمی	حسین	۰۰۰۰۶۲۸۴۱
رضا	کمالی	محمد	۰۰۰۰۲۹۵۰۸
علی	گودرزی	احمد	۰۰۰۰۸۳۷۱۹
محمدرضا	لطفی	رضا	۰۰۰۰۴۱۹۶۲
مهدی	مبینی	علی	۰۰۰۰۷۶۰۳۵
حسین	محمدی	حسن	۰۰۰۰۳۳۲۸۴
امیرحسین	محمودی	محمد	۰۰۰۰۶۸۵۹۱
سجاد	مرادی	حسین	۰۰۰۰۵۰۴۱۷
علی	مظفری	رضا	۰۰۰۰۹۲۶۷۳
رضا	معصومی	علی	۰۰۰۰۱۷۸۴۰
محمد	موسوی	احمد	۰۰۰۰۴۵۳۲۶
مهدی	میری	حسن	۰۰۰۰۸۱۰۹۲
امیر	نادری	محمد	۰۰۰۰۶۳۷۵۸
حمید	نجفی	رضا	۰۰۰۰۲۷۹۴۱
علی	نوری	حسین	۰۰۰۰۵۸۶۰۳
محمدرضا	هاشمی	علی	۰۰۰۰۹۴۲۱۸
حسین	یوسفی	محمد	۰۰۰۰۳۶۸۵۷
مهدی	یزدانی	رضا	۰۰۰۰۷۰۳۴۲
سعید	یگانه	احمد	۰۰۰۰۴۹۷۱۶
امیرحسین	یاوری	حسن	۰۰۰۰۸۵۲۳۹
رضا	شفیعی	مهدی	۰۰۰۰۱۶۹۹۶
جواد	شکوری	حسن	۰۰۰۰۵۲۹۸۲
محمدعلی	شمس الدینی	مجید	۰۰۰۰۷۸۰۳۰
حسین	شهیدی	غلامرضا	۰۰۰۰۴۱۵۵۷
زهرا	شیرازی	مرتضی	۰۰۰۰۶۳۲۸۰
کیان	شیری	محسن	۰۰۰۰۹۵۶۱۷
امیرعباس	شیروانی	هادی	۰۰۰۰۲۲۸۴۹
پرهام	صابری	ناصر	۰۰۰۰۶۶۱۹۲
آرش	صادقی	پرویز	۰۰۰۰۸۴۴۷۱
نیما	صالحی	یاسر	۰۰۰۰۳۰۹۲۵
عماد	صدیقی	حمید	۰۰۰۰۵۷۷۴۳
یاسین	صفری	مهدی	۰۰۰۰۹۱۰۳۸
فاطمه	صمیمی	حسن	۰۰۰۰۲۸۵۶۶
ساسان	طاهرپور	علی	۰۰۰۰۶۹۳۱۴
شایان	طهماسبی	رضا	۰۰۰۰۴۴۰۸۷
محسن	عارفی	قاسم	۰۰۰۰۸۲۶۵۹
ابوالفضل	عاشوری	کریم	۰۰۰۰۱۳۹۲۲
امین	عباس زاده	اکبر	۰۰۰۰۷۵۲۱۰
حامد	عبدی	جلیل	۰۰۰۰۵۰۰۸۴
مسعود	عرفانی	سعید	۰۰۰۰۳۸۷۳۳
محمد	عسگری	نادر	۰۰۰۰۹۹۴۵۸
هادی	عطاری	مهدی	۰۰۰۰۶۴۱۲۱
رامین	علیخانی	فرهاد	۰۰۰۰۲۷۸۹۵
سینا	عمادی	احمد	۰۰۰۰۸۰۳۶۷
میلاد	غلامی	حسین	۰۰۰۰۴۵۹۰۲
مصطفی	فتاحی	علی	۰۰۰۰۷۱۶۴۸
بهنام	فرخی	رضا	۰۰۰۰۳۴۲۷۶
داود	فلاحی	جواد	۰۰۰۰۹۶۸۱۳
یوسف	قادری	احمد	۰۰۰۰۵۹۳۴۰
کامران	قنبری	محمود	۰۰۰۰۲۱۰۷۹
فرزاد	کاظمی	اصغر	۰۰۰۰۶۷۶۲۵
حسن	کیانی	مهدی	۰۰۰۰۸۸۹۵۲
ماهان	گلی	حسین	۰۰۰۰۴۳۱۸۶
مهران	مالکی	علی	۰۰۰۰۷۷۴۱۴
ایمان	مختاری	جعفر	۰۰۰۰۳۹۷۶۰
مرتضی	مرادی	حسن	۰۰۰۰۵۲۰۲۸
جعفر	مشهدی	رضا	۰۰۰۰۹۰۶۹۱
حسام	ملکی	علی	۰۰۰۰۶۱۳۴۷
اکبر	منصوری	حسین	۰۰۰۰۲۵۸۰۳
روح الله	مهدوی	احمد	۰۰۰۰۸۶۵۷۴
بهزاد	میرزایی	محمد	۰۰۰۰۴۷۹۱۹
شهرام	نادری	رضا	۰۰۰۰۷۳۲۶۵
فرید	نصیری	علی	۰۰۰۰۱۸۶۳۸
کاوه	نوروزی	حسن	۰۰۰۰۵۵۰۱۲
پیمان	هادی	محمود	۰۰۰۰۹۳۴۸۷
وحید	یاری	حسین	۰۰۰۰۶۰۸۵۳
مهدی	سلحشور	منوچهر	۰۰۰۰۰۸۶۳۵۹
آرمین	سلطان محمدی	رضا	۰۰۰۰۵۷۸۵۰
علی	سلطانی	محمد	۰۰۰۰۹۵۹۶۶
صدرا	سلطانی	امیر	۰۰۰۰۹۲۷۷۶
محمدرضا	سلطانی	عباسعلی	۰۰۰۰۴۹۵۱۶
مهرداد	سلطانی	مرتضی	۰۰۰۰۷۶۱۸۹
علی رضا	سلطانی	علی	۰۰۰۰۹۶۲۹۳
فاطمه	سلطانی	محمدتقی	۰۰۰۰۷۰۷۴۲
داوود	سلطانی	محمد	۰۰۰۰۸۷۸۱۰
بابک	سلطانی	منوچهر	۰۰۰۰۴۹۷۲۷
محمد	سلطانی	محسن	۰۰۰۰۳۶۴۶۳
کیوان	سلطانی	نصرت	۰۰۰۰۲۲۵۷۲
فرشید	سلطانی	منصور	۰۰۰۰۴۴۴۳۶
رضا	سلطانی فرد	ایرج	۰۰۰۰۱۹۸۲۶
رقیه	سلطانی شریف زاده	ابراهیم	۰۰۰۰۱۷۱۱۳
ابوالفضل	سلطانی فر	عبداله	۰۰۰۰۱۵۷۴۳
محمد	سلطانی فرد	احمد	۰۰۰۰۱۴۲۷۵
زهرا	سلطانیان	فرج	۰۰۰۰۵۳۸۱۸
ابوالفضل	سلطانیان	محمد	۰۰۰۰۳۴۸۴۸
محمد	سلیمانی	بهرام	۰۰۰۰۵۵۱۴۲
جواد	سلیمانی	علی	۰۰۰۰۴۹۶۴۱
مبین	سلیمانی	محمد	۰۰۰۰۲۷۸۸۱
محمد	سلیمانی	ولی الله	۰۰۰۰۴۳۳۴۰
حسین	سلیمانی	حمید	۰۰۰۰۸۲۳۵۵
رضا	سلیمانی	محسن	۰۰۰۰۵۱۱۹۵
مهدی	سلیمانی	ابراهیم	۰۰۰۰۶۹۸۶۵
علیرضا	سلیمانی	عباس	۰۰۰۰۷۰۴۳۰
سجاد	سلیمانی	محمد	۰۰۰۰۱۸۷۱۹
محمدرضا	سلیمانی	غلامرضا	۰۰۰۰۵۴۰۸۳
امیر	سلیمانی	محمد	۰۰۰۰۸۸۷۰۱
علیرضا	سلیمانی	عباس	۰۰۰۰۵۷۱۰۲
سعید	سلیمانی	احمد	۰۰۰۰۶۹۸۹۳
حسین	سلیمانی	علی	۰۰۰۰۳۸۸۱۰
مریم	سلیمانی پور	رحیم	۰۰۰۰۳۰۲۸۴
امیرحسین	سلیمانی	مجید	۰۰۰۰۷۴۹۴۵
مهدی	سلیمانی	حسن	۰۰۰۰۴۹۸۹۴
علی	سلیمانی	رضا	۰۰۰۰۳۲۶۹۰
محمد	سلیمانی	احمد	۰۰۰۰۸۲۸۱۰
امیر	سلیمانی	محمود	۰۰۰۰۷۶۳۵۰
عرفان	سلیمانی	علی	۰۰۰۰۵۰۱۷۶
محمدجواد	سلیمانی	حسین	۰۰۰۰۸۹۱۶۴
رضا	سلیمانی	یعقوب	۰۰۰۰۴۷۲۳۸
ابوالفضل	سلیمانی	محمد	۰۰۰۰۹۰۷۳۴
مصطفی	سلیمانی	قاسم	۰۰۰۰۲۱۸۴۹
محمدحسین	سلیمانی	کریم	۰۰۰۰۶۲۲۷۳
حسین	سلیمانی	حسن	۰۰۰۰۶۵۹۴۰
امیرعلی	سلیمانی	مهدی	۰۰۰۰۹۹۸۳۶
علی	سلیمی	اکبر	۰۰۰۰۳۸۷۱۲
فرهاد	سلیمی	احمد	۰۰۰۰۲۶۹۲۲
مهدی	سلیمی	غلامرضا	۰۰۰۰۱۶۳۰۲
حمید	سلیمی	رضا	۰۰۰۰۹۷۱۲۵
محمدامین	سلیمی	محمد	۰۰۰۰۲۲۰۸۸
حسین	سلیمیان	اصغر	۰۰۰۰۶۵۷۴۱
سجاد	سمیعی	کاظم	۰۰۰۰۲۸۸۹۰
امیرحسین	سمیعی	علی	۰۰۰۰۴۸۶۳۸
محمد	سمیعی	محمود	۰۰۰۰۴۸۶۷۶
رضا	سنجری	مسعود	۰۰۰۰۲۶۱۳۷
مهدی	سوری	داود	۰۰۰۰۲۷۲۹۵
امیر	سوری	حسین	۰۰۰۰۸۸۱۷۳
علی	سهرابی	حسن	۰۰۰۰۴۷۰۱۹
محمدرضا	سهرابی	جواد	۰۰۰۰۵۰۵۶۶
سعید	سهرابی	محمد	۰۰۰۰۸۱۱۴۶
فرشاد	سهرابی	ناصر	۰۰۰۰۶۴۱۴۳
حسن	سهرابی	رضا	۰۰۰۰۹۴۰۴۸
مجید	سهیلی	اکبر	۰۰۰۰۹۳۷۷۵
امید	سیاح	حسین	۰۰۰۰۳۳۴۱۲
محمد	سیاری	علی	۰۰۰۰۸۴۰۹۰
پویا	سیدی	محمود	۰۰۰۰۵۹۳۲۵
مهدی	سیف	احمد	۰۰۰۰۴۹۵۴۲
علی	سیفی	حسن	۰۰۰۰۶۱۲۶۶
رضا	شاکری	محمد	۰۰۰۰۳۱۷۶۰
امیر	شاه حسینی	علی	۰۰۰۰۲۸۶۷۴
حسین	شاهی	رضا	۰۰۰۰۷۰۵۳۳
محمد	شایان	مهدی	۰۰۰۰۹۷۸۲۶
علیرضا	شجاعی	حسن	۰۰۰۰۵۵۷۶۱
مهدی	شریفی	قاسم	۰۰۰۰۱۶۶۴۷
ابوالفضل	شریفی	محمد	۰۰۰۰۷۵۲۶۶
سینا	شعبانی	علی	۰۰۰۰۳۳۴۸۹
محمد	شفیعی	رضا	۰۰۰۰۸۳۶۷۱
امیرحسین	شفیعی	جواد	۰۰۰۰۴۱۶۲۰
رضا	شمسی	حسین	۰۰۰۰۵۶۰۷۳
حسین	شمس	احمد	۰۰۰۰۲۹۴۸۱
مهدی	شهبازی	مرتضی	۰۰۰۰۶۷۹۵۸
امیر	شهرابی	علی	۰۰۰۰۱۸۲۰۹
جواد	شیخی	محمد	۰۰۰۰۷۳۶۴۲
علی	شیرازی	حسن	۰۰۰۰۹۰۵۸۷
محمدرضا	شیری	رضا	۰۰۰۰۴۵۲۷۶
حمید	شیرین	علی	۰۰۰۰۳۸۹۱۰
سعید	صادقی	حسین	۰۰۰۰۶۱۸۳۴
امیر	صادقی	جعفر	۰۰۰۰۲۷۴۵۶
مهدی	صالحی	محمد	۰۰۰۰۸۹۳۲۷
علی	صالحی	رضا	۰۰۰۰۵۰۶۱۹
محمد	صدری	احمد	۰۰۰۰۴۴۸۵۲
رضا	صفایی	حسن	۰۰۰۰۷۱۲۰۳
امیرحسین	صفری	علی	۰۰۰۰۳۶۵۹۸
حسین	صمدی	محمود	۰۰۰۰۹۲۴۷۱
مهدی	صیادی	رضا	۰۰۰۰۶۸۱۳۹
ابوالفضل	طاهری	محمد	۰۰۰۰۵۳۹۴۰
علیرضا	طاهرخانی	حسین	۰۰۰۰۲۰۷۶۵
محمد	طالبی	قاسم	۰۰۰۰۸۴۶۱۲
امیر	طیبی	علی	۰۰۰۰۴۷۳۲۸
نام	نام خانوادگی	نام پدر	شش رقم کد ملی
حسین	یوسفی	محمد	۰۰۰۰۳۶۸۵۷
مهدی	یزدانی	رضا	۰۰۰۰۷۰۳۴۲
سعید	یگانه	احمد	۰۰۰۰۴۹۷۱۶
امیرحسین	یاوری	حسن	۰۰۰۰۸۵۲۳۹
رضا	شفیعی	مهدی	۰۰۰۰۱۶۹۹۶
جواد	شکوری	حسن	۰۰۰۰۵۲۹۸۲
محمدعلی	شمس الدینی	مجید	۰۰۰۰۷۸۰۳۰
حسین	شهیدی	غلامرضا	۰۰۰۰۴۱۵۵۷
زهرا	شیرازی	مرتضی	۰۰۰۰۶۳۲۸۰
کیان	شیری	محسن	۰۰۰۰۹۵۶۱۷
امیرعباس	شیروانی	هادی	۰۰۰۰۲۲۸۴۹
پرهام	صابری	ناصر	۰۰۰۰۶۶۱۹۲
آرش	صادقی	پرویز	۰۰۰۰۸۴۴۷۱
نیما	صالحی	یاسر	۰۰۰۰۳۰۹۲۵
عماد	صدیقی	حمید	۰۰۰۰۵۷۷۴۳
یاسین	صفری	مهدی	۰۰۰۰۹۱۰۳۸
فاطمه	صمیمی	حسن	۰۰۰۰۲۸۵۶۶
ساسان	طاهرپور	علی	۰۰۰۰۶۹۳۱۴
شایان	طهماسبی	رضا	۰۰۰۰۴۴۰۸۷
محسن	عارفی	قاسم	۰۰۰۰۸۲۶۵۹
ابوالفضل	عاشوری	کریم	۰۰۰۰۱۳۹۲۲
امین	عباس زاده	اکبر	۰۰۰۰۷۵۲۱۰
حامد	عبدی	جلیل	۰۰۰۰۵۰۰۸۴
مسعود	عرفانی	سعید	۰۰۰۰۳۸۷۳۳
محمد	عسگری	نادر	۰۰۰۰۹۹۴۵۸
هادی	عطاری	مهدی	۰۰۰۰۶۴۱۲۱
رامین	علیخانی	فرهاد	۰۰۰۰۲۷۸۹۵
سینا	عمادی	احمد	۰۰۰۰۸۰۳۶۷
میلاد	غلامی	حسین	۰۰۰۰۴۵۹۰۲
مصطفی	فتاحی	علی	۰۰۰۰۷۱۶۴۸
بهنام	فرخی	رضا	۰۰۰۰۳۴۲۷۶
داود	فلاحی	جواد	۰۰۰۰۹۶۸۱۳
یوسف	قادری	احمد	۰۰۰۰۵۹۳۴۰
کامران	قنبری	محمود	۰۰۰۰۲۱۰۷۹
فرزاد	کاظمی	اصغر	۰۰۰۰۶۷۶۲۵
حسن	کیانی	مهدی	۰۰۰۰۸۸۹۵۲
ماهان	گلی	حسین	۰۰۰۰۴۳۱۸۶
مهران	مالکی	علی	۰۰۰۰۷۷۴۱۴
ایمان	مختاری	جعفر	۰۰۰۰۳۹۷۶۰
مرتضی	مرادی	حسن	۰۰۰۰۵۲۰۲۸
جعفر	مشهدی	رضا	۰۰۰۰۹۰۶۹۱
حسام	ملکی	علی	۰۰۰۰۶۱۳۴۷
اکبر	منصوری	حسین	۰۰۰۰۲۵۸۰۳
روح الله	مهدوی	احمد	۰۰۰۰۸۶۵۷۴
بهزاد	میرزایی	محمد	۰۰۰۰۴۷۹۱۹
شهرام	نادری	رضا	۰۰۰۰۷۳۲۶۵
فرید	نصیری	علی	۰۰۰۰۱۸۶۳۸
کاوه	نوروزی	حسن	۰۰۰۰۵۵۰۱۲
پیمان	هادی	محمود	۰۰۰۰۹۳۴۸۷
وحید	یاری	حسین	۰۰۰۰۶۰۸۵۳
مهدی	سلحشور	منوچهر	۰۰۰۰۰۸۶۳۵۹
آرمین	سلطان محمدی	رضا	۰۰۰۰۵۷۸۵۰
علی	سلطانی	محمد	۰۰۰۰۹۵۹۶۶
صدرا	سلطانی	امیر	۰۰۰۰۹۲۷۷۶
محمدرضا	سلطانی	عباسعلی	۰۰۰۰۴۹۵۱۶
مهرداد	سلطانی	مرتضی	۰۰۰۰۷۶۱۸۹
علی رضا	سلطانی	علی	۰۰۰۰۹۶۲۹۳
فاطمه	سلطانی	محمدتقی	۰۰۰۰۷۰۷۴۲
داوود	سلطانی	محمد	۰۰۰۰۸۷۸۱۰
بابک	سلطانی	منوچهر	۰۰۰۰۴۹۷۲۷
محمد	سلطانی	محسن	۰۰۰۰۳۶۴۶۳
کیوان	سلطانی	نصرت	۰۰۰۰۲۲۵۷۲
فرشید	سلطانی	منصور	۰۰۰۰۴۴۴۳۶
رضا	سلطانی فرد	ایرج	۰۰۰۰۱۹۸۲۶
رقیه	سلطانی شریف زاده	ابراهیم	۰۰۰۰۱۷۱۱۳
ابوالفضل	سلطانی فر	عبداله	۰۰۰۰۱۵۷۴۳
محمد	سلطانی فرد	احمد	۰۰۰۰۱۴۲۷۵
زهرا	سلطانیان	فرج	۰۰۰۰۵۳۸۱۸
ابوالفضل	سلطانیان	محمد	۰۰۰۰۳۴۸۴۸
محمد	سلیمانی	بهرام	۰۰۰۰۵۵۱۴۲
جواد	سلیمانی	علی	۰۰۰۰۴۹۶۴۱
مبین	سلیمانی	محمد	۰۰۰۰۲۷۸۸۱
محمد	سلیمانی	ولی الله	۰۰۰۰۴۳۳۴۰
حسین	سلیمانی	حمید	۰۰۰۰۸۲۳۵۵
رضا	سلیمانی	محسن	۰۰۰۰۵۱۱۹۵
مهدی	سلیمانی	ابراهیم	۰۰۰۰۶۹۸۶۵
علیرضا	سلیمانی	عباس	۰۰۰۰۷۰۴۳۰
سجاد	سلیمانی	محمد	۰۰۰۰۱۸۷۱۹
محمدرضا	سلیمانی	غلامرضا	۰۰۰۰۵۴۰۸۳
امیر	سلیمانی	محمد	۰۰۰۰۸۸۷۰۱
علیرضا	سلیمانی	عباس	۰۰۰۰۵۷۱۰۲
سعید	سلیمانی	احمد	۰۰۰۰۶۹۸۹۳
حسین	سلیمانی	علی	۰۰۰۰۳۸۸۱۰
مریم	سلیمانی پور	رحیم	۰۰۰۰۳۰۲۸۴
امیرحسین	سلیمانی	مجید	۰۰۰۰۷۴۹۴۵
مهدی	سلیمانی	حسن	۰۰۰۰۴۹۸۹۴
علی	سلیمانی	رضا	۰۰۰۰۳۲۶۹۰
محمد	سلیمانی	احمد	۰۰۰۰۸۲۸۱۰
امیر	سلیمانی	محمود	۰۰۰۰۷۶۳۵۰
عرفان	سلیمانی	علی	۰۰۰۰۵۰۱۷۶
محمدجواد	سلیمانی	حسین	۰۰۰۰۸۹۱۶۴
رضا	سلیمانی	یعقوب	۰۰۰۰۴۷۲۳۸
ابوالفضل	سلیمانی	محمد	۰۰۰۰۹۰۷۳۴
مصطفی	سلیمانی	قاسم	۰۰۰۰۲۱۸۴۹
محمدحسین	سلیمانی	کریم	۰۰۰۰۶۲۲۷۳
حسین	سلیمانی	حسن	۰۰۰۰۶۵۹۴۰
امیرعلی	سلیمانی	مهدی	۰۰۰۰۹۹۸۳۶
علی	سلیمی	اکبر	۰۰۰۰۳۸۷۱۲
فرهاد	سلیمی	احمد	۰۰۰۰۲۶۹۲۲
مهدی	سلیمی	غلامرضا	۰۰۰۰۱۶۳۰۲
حمید	سلیمی	رضا	۰۰۰۰۹۷۱۲۵
محمدامین	سلیمی	محمد	۰۰۰۰۲۲۰۸۸
حسین	سلیمیان	اصغر	۰۰۰۰۶۵۷۴۱
سجاد	سمیعی	کاظم	۰۰۰۰۲۸۸۹۰
امیرحسین	سمیعی	علی	۰۰۰۰۴۸۶۳۸
محمد	سمیعی	محمود	۰۰۰۰۴۸۶۷۶
رضا	سنجری	مسعود	۰۰۰۰۲۶۱۳۷
مهدی	سوری	داود	۰۰۰۰۲۷۲۹۵
امیر	سوری	حسین	۰۰۰۰۸۸۱۷۳
علی	سهرابی	حسن	۰۰۰۰۴۷۰۱۹
محمدرضا	سهرابی	جواد	۰۰۰۰۵۰۵۶۶
سعید	سهرابی	محمد	۰۰۰۰۸۱۱۴۶
فرشاد	سهرابی	ناصر	۰۰۰۰۶۴۱۴۳
حسن	سهرابی	رضا	۰۰۰۰۹۴۰۴۸
مجید	سهیلی	اکبر	۰۰۰۰۹۳۷۷۵
امید	سیاح	حسین	۰۰۰۰۳۳۴۱۲
محمد	سیاری	علی	۰۰۰۰۸۴۰۹۰
پویا	سیدی	محمود	۰۰۰۰۵۹۳۲۵
مهدی	سیف	احمد	۰۰۰۰۴۹۵۴۲
علی	سیفی	حسن	۰۰۰۰۶۱۲۶۶
رضا	شاکری	محمد	۰۰۰۰۳۱۷۶۰
امیر	شاه حسینی	علی	۰۰۰۰۲۸۶۷۴
حسین	شاهی	رضا	۰۰۰۰۷۰۵۳۳
محمد	شایان	مهدی	۰۰۰۰۹۷۸۲۶
علیرضا	شجاعی	حسن	۰۰۰۰۵۵۷۶۱
مهدی	شریفی	قاسم	۰۰۰۰۱۶۶۴۷
ابوالفضل	شریفی	محمد	۰۰۰۰۷۵۲۶۶
سینا	شعبانی	علی	۰۰۰۰۳۳۴۸۹
محمد	شفیعی	رضا	۰۰۰۰۸۳۶۷۱
امیرحسین	شفیعی	جواد	۰۰۰۰۴۱۶۲۰
رضا	شمسی	حسین	۰۰۰۰۵۶۰۷۳
حسین	شمس	احمد	۰۰۰۰۲۹۴۸۱
مهدی	شهبازی	مرتضی	۰۰۰۰۶۷۹۵۸
امیر	شهرابی	علی	۰۰۰۰۱۸۲۰۹
جواد	شیخی	محمد	۰۰۰۰۷۳۶۴۲
علی	شیرازی	حسن	۰۰۰۰۹۰۵۸۷
محمدرضا	شیری	رضا	۰۰۰۰۴۵۲۷۶
حمید	شیرین	علی	۰۰۰۰۳۸۹۱۰
سعید	صادقی	حسین	۰۰۰۰۶۱۸۳۴
امیر	صادقی	جعفر	۰۰۰۰۲۷۴۵۶
مهدی	صالحی	محمد	۰۰۰۰۸۹۳۲۷
علی	صالحی	رضا	۰۰۰۰۵۰۶۱۹
محمد	صدری	احمد	۰۰۰۰۴۴۸۵۲
رضا	صفایی	حسن	۰۰۰۰۷۱۲۰۳
امیرحسین	صفری	علی	۰۰۰۰۳۶۵۹۸
حسین	صمدی	محمود	۰۰۰۰۹۲۴۷۱
مهدی	صیادی	رضا	۰۰۰۰۶۸۱۳۹
ابوالفضل	طاهری	محمد	۰۰۰۰۵۳۹۴۰
علیرضا	طاهرخانی	حسین	۰۰۰۰۲۰۷۶۵
محمد	طالبی	قاسم	۰۰۰۰۸۴۶۱۲
امیر	طیبی	علی	۰۰۰۰۴۷۳۲۸
سجاد	عابدی	حسن	۰۰۰۰۶۹۰۵۴
مهدی	عابدینی	رضا	۰۰۰۰۳۵۸۱۷
حسین	عادلی	محمد	۰۰۰۰۷۶۲۹۳
علی	عباسی	احمد	۰۰۰۰۹۱۴۸۶
رضا	عباسی	حسین	۰۰۰۰۲۸۳۷۰
محمدرضا	عباسی	علی	۰۰۰۰۵۶۹۴۱
امیر	عباسیان	رضا	۰۰۰۰۴۰۱۲۵
مهدی	عبدالهی	محمد	۰۰۰۰۸۷۵۶۳
حمید	عبدی	حسن	۰۰۰۰۳۲۹۰۸
سعید	عرب	علی	۰۰۰۰۶۵۴۷۲
محمد	عزیزی	رضا	۰۰۰۰۷۹۸۳۱
علی	عسگری	حسین	۰۰۰۰۱۴۶۵۹
امیرحسین	عسکری	محمد	۰۰۰۰۵۸۲۹۰
حسین	عطایی	احمد	۰۰۰۰۹۳۷۱۴
مهدی	علوی	رضا	۰۰۰۰۲۶۰۸۵
رضا	علیپور	علی	۰۰۰۰۶۷۳۵۸
محمد	علیزاده	حسن	۰۰۰۰۴۹۱۲۶
امیر	علیمحمدی	حسین	۰۰۰۰۸۰۵۴۷
سجاد	عمرانی	محمد	۰۰۰۰۳۴۸۹۲
علی	غفاری	رضا	۰۰۰۰۷۲۱۶۳
محمدرضا	غلامی	علی	۰۰۰۰۵۱۷۳۹
مهدی	فاضلی	حسن	۰۰۰۰۹۸۴۰۶
حسین	فتحی	محمد	۰۰۰۰۲۳۵۷۱
رضا	فرجی	احمد	۰۰۰۰۶۰۹۲۸
امیرحسین	فرهادی	علی	۰۰۰۰۴۶۳۸۵
محمد	فروغی	رضا	۰۰۰۰۸۸۱۵۴
علی	قاسمی	حسین	۰۰۰۰۳۷۰۶۲
حمید	قربانی	محمد	۰۰۰۰۷۵۴۹۳
مهدی	قلی پور	رضا	۰۰۰۰۱۹۲۸۷
سعید	کاظمی	علی	۰۰۰۰۵۴۶۱۰
محمد	کریمی	حسن	۰۰۰۰۹۰۳۷۶
امیر	کرمی	حسین	۰۰۰۰۶۲۸۴۱
رضا	کمالی	محمد	۰۰۰۰۲۹۵۰۸
علی	گودرزی	احمد	۰۰۰۰۸۳۷۱۹
محمدرضا	لطفی	رضا	۰۰۰۰۴۱۹۶۲
مهدی	مبینی	علی	۰۰۰۰۷۶۰۳۵
حسین	محمدی	حسن	۰۰۰۰۳۳۲۸۴
